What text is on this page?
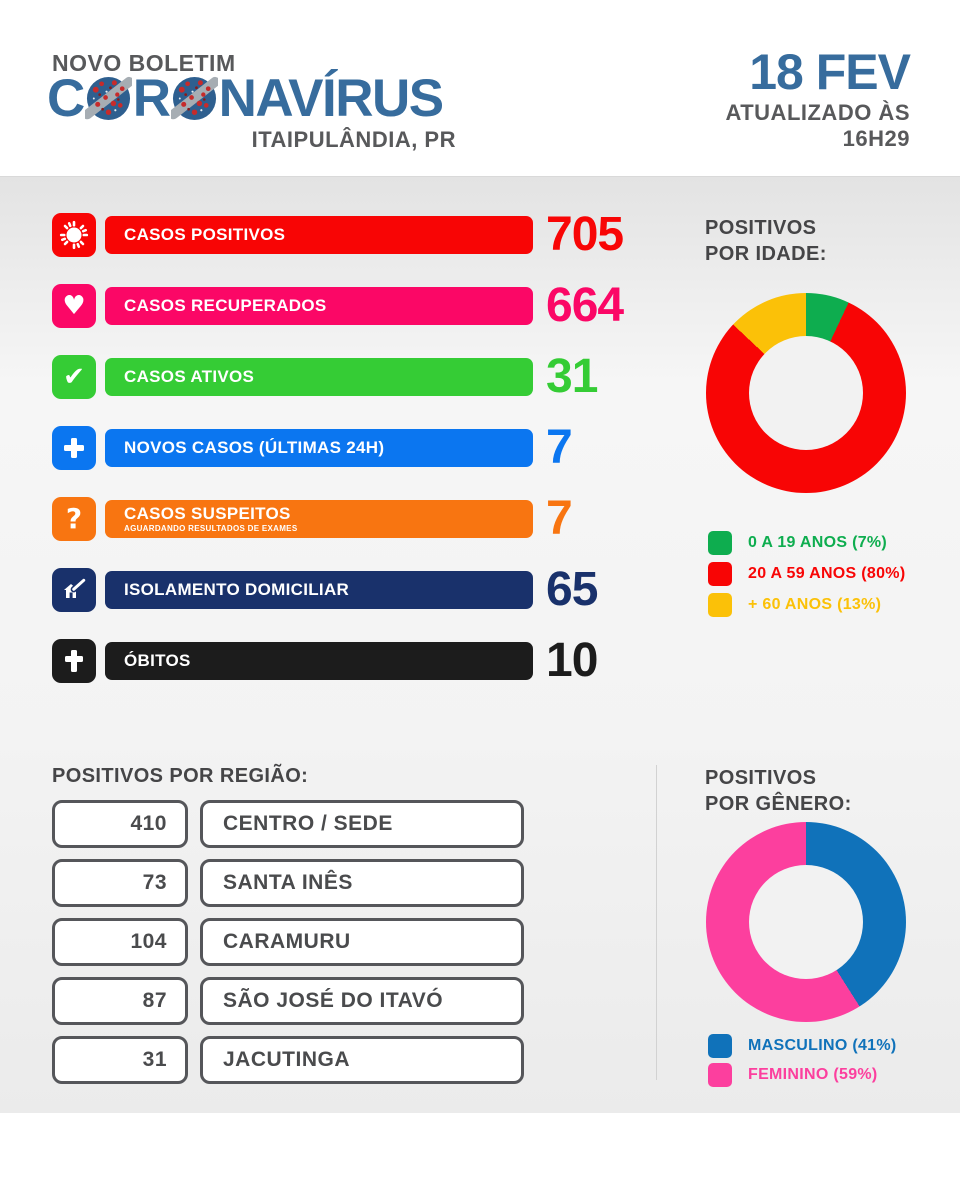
NOVO BOLETIM
C R NAVÍRUS
ITAIPULÂNDIA, PR
18 FEV
ATUALIZADO ÀS
16H29
CASOS POSITIVOS	705
♥ CASOS RECUPERADOS	664
✔ CASOS ATIVOS	31
NOVOS CASOS (ÚLTIMAS 24H)	7
? CASOS SUSPEITOS
AGUARDANDO RESULTADOS DE EXAMES	7
ISOLAMENTO DOMICILIAR	65
ÓBITOS	10
POSITIVOS
POR IDADE:
0 A 19 ANOS (7%)
20 A 59 ANOS (80%)
+ 60 ANOS (13%)
POSITIVOS POR REGIÃO:
410	CENTRO / SEDE
73	SANTA INÊS
104	CARAMURU
87	SÃO JOSÉ DO ITAVÓ
31	JACUTINGA
POSITIVOS
POR GÊNERO:
MASCULINO (41%)
FEMININO (59%)
